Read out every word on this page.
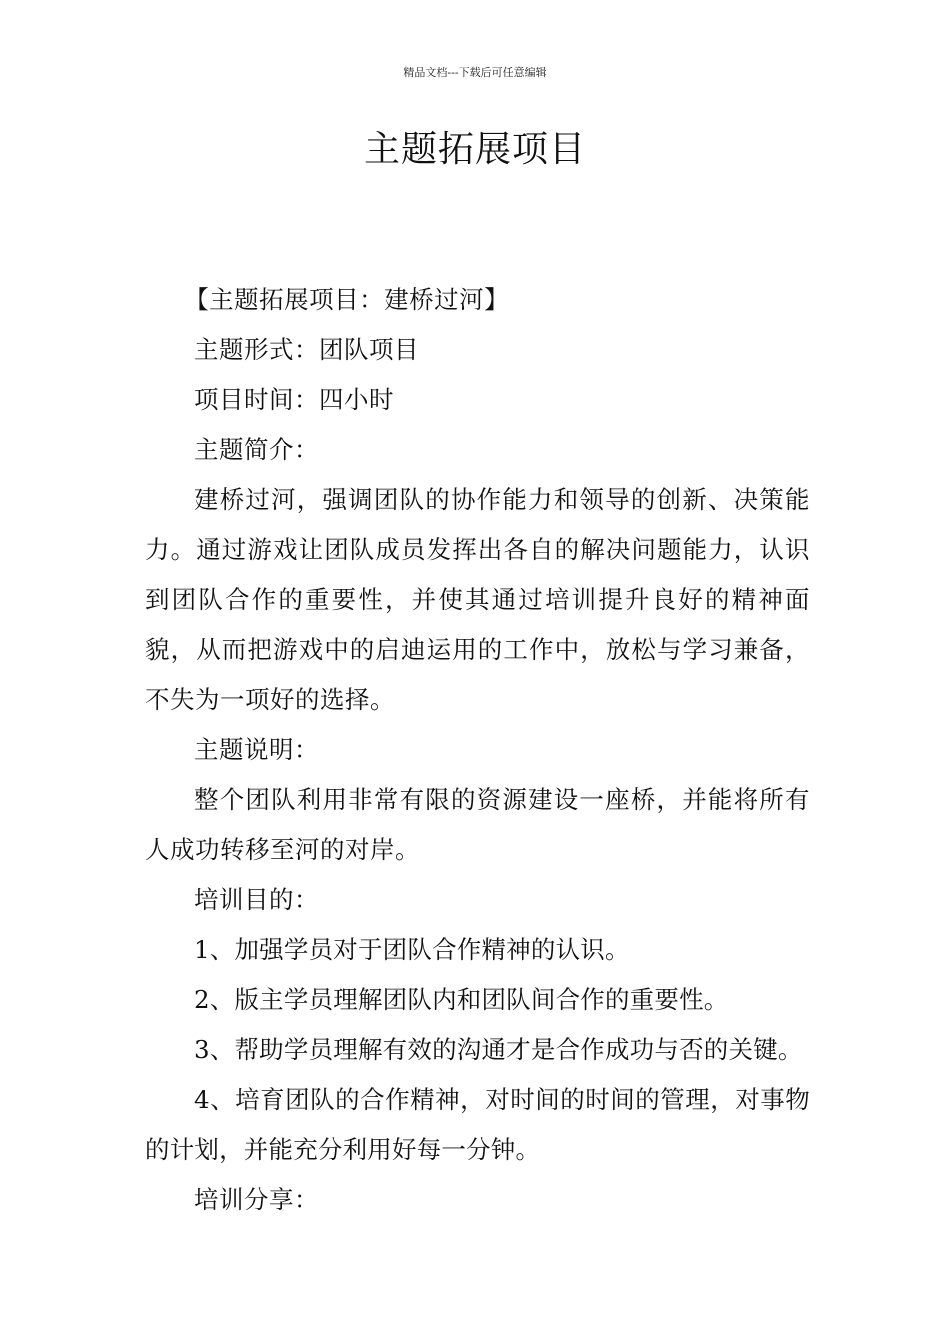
精品文档---下载后可任意编辑
主题拓展项目

【主题拓展项目：建桥过河】

主题形式：团队项目

项目时间：四小时

主题简介：

建桥过河，强调团队的协作能力和领导的创新、决策能力。通过游戏让团队成员发挥出各自的解决问题能力，认识到团队合作的重要性，并使其通过培训提升良好的精神面貌，从而把游戏中的启迪运用的工作中，放松与学习兼备，不失为一项好的选择。

主题说明：

整个团队利用非常有限的资源建设一座桥，并能将所有人成功转移至河的对岸。

培训目的：

1、加强学员对于团队合作精神的认识。

2、版主学员理解团队内和团队间合作的重要性。

3、帮助学员理解有效的沟通才是合作成功与否的关键。

4、培育团队的合作精神，对时间的时间的管理，对事物的计划，并能充分利用好每一分钟。

培训分享：
